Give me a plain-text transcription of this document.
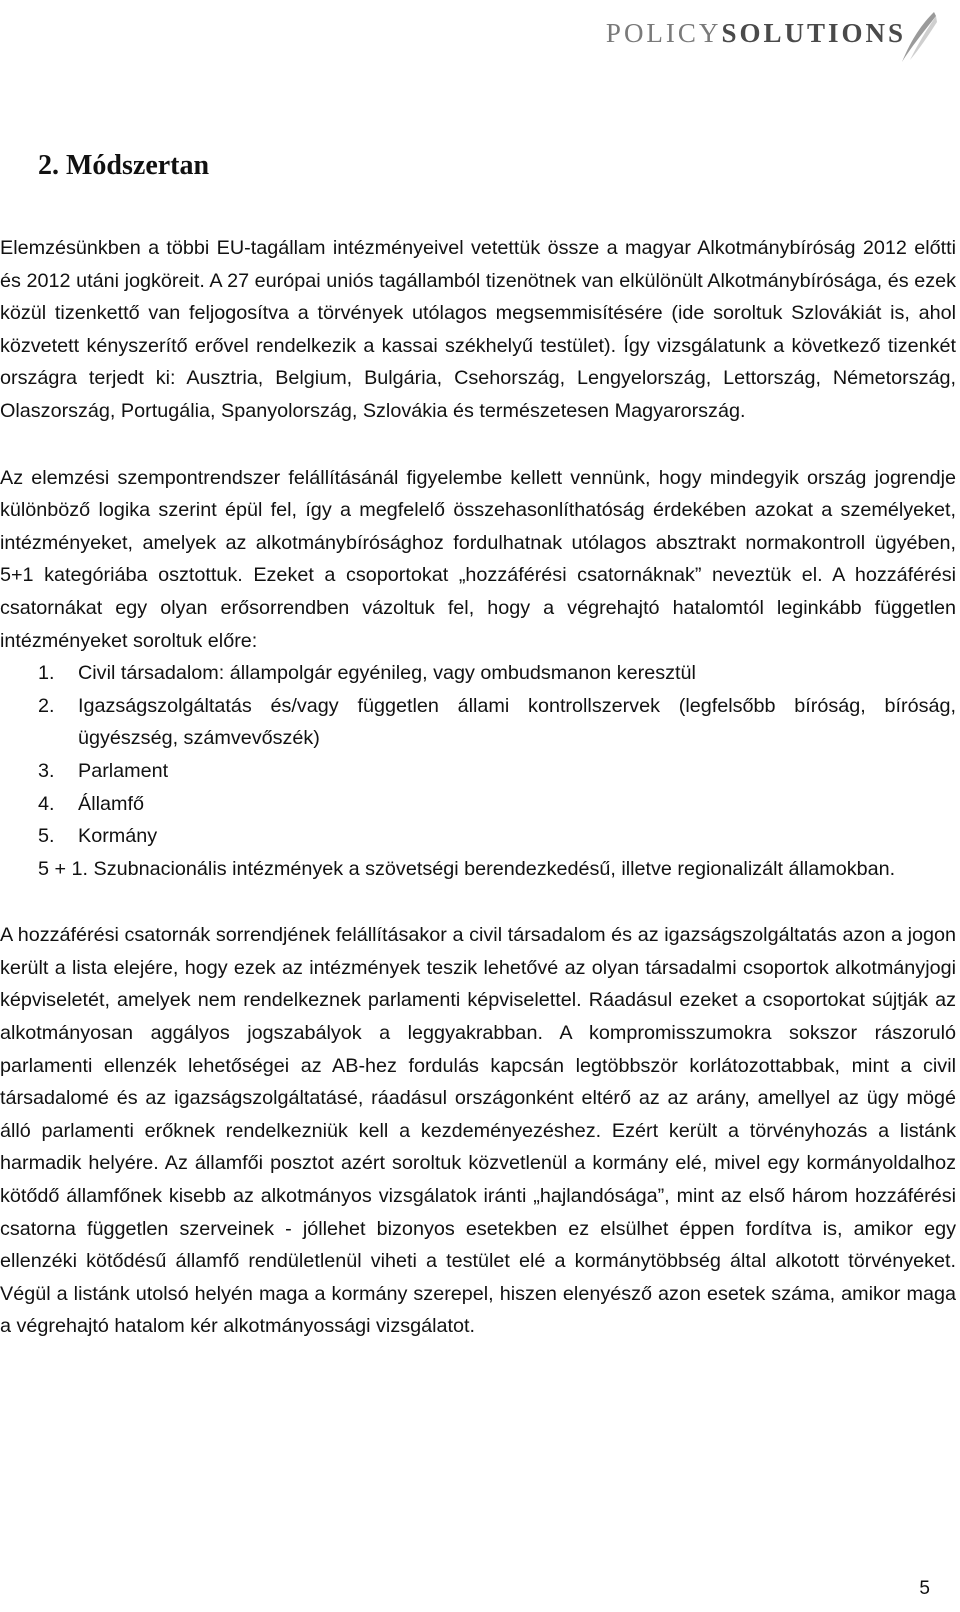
POLICYSOLUTIONS
2. Módszertan

Elemzésünkben a többi EU-tagállam intézményeivel vetettük össze a magyar Alkotmánybíróság 2012 előtti és 2012 utáni jogköreit. A 27 európai uniós tagállamból tizenötnek van elkülönült Alkotmánybírósága, és ezek közül tizenkettő van feljogosítva a törvények utólagos megsemmisítésére (ide soroltuk Szlovákiát is, ahol közvetett kényszerítő erővel rendelkezik a kassai székhelyű testület). Így vizsgálatunk a következő tizenkét országra terjedt ki: Ausztria, Belgium, Bulgária, Csehország, Lengyelország, Lettország, Németország, Olaszország, Portugália, Spanyolország, Szlovákia és természetesen Magyarország.

Az elemzési szempontrendszer felállításánál figyelembe kellett vennünk, hogy mindegyik ország jogrendje különböző logika szerint épül fel, így a megfelelő összehasonlíthatóság érdekében azokat a személyeket, intézményeket, amelyek az alkotmánybírósághoz fordulhatnak utólagos absztrakt normakontroll ügyében, 5+1 kategóriába osztottuk. Ezeket a csoportokat „hozzáférési csatornáknak” neveztük el. A hozzáférési csatornákat egy olyan erősorrendben vázoltuk fel, hogy a végrehajtó hatalomtól leginkább független intézményeket soroltuk előre:

1.	Civil társadalom: állampolgár egyénileg, vagy ombudsmanon keresztül
2.	Igazságszolgáltatás és/vagy független állami kontrollszervek (legfelsőbb bíróság, bíróság, ügyészség, számvevőszék)
3.	Parlament
4.	Államfő
5.	Kormány
5 + 1. Szubnacionális intézmények a szövetségi berendezkedésű, illetve regionalizált államokban.

A hozzáférési csatornák sorrendjének felállításakor a civil társadalom és az igazságszolgáltatás azon a jogon került a lista elejére, hogy ezek az intézmények teszik lehetővé az olyan társadalmi csoportok alkotmányjogi képviseletét, amelyek nem rendelkeznek parlamenti képviselettel. Ráadásul ezeket a csoportokat sújtják az alkotmányosan aggályos jogszabályok a leggyakrabban. A kompromisszumokra sokszor rászoruló parlamenti ellenzék lehetőségei az AB-hez fordulás kapcsán legtöbbször korlátozottabbak, mint a civil társadalomé és az igazságszolgáltatásé, ráadásul országonként eltérő az az arány, amellyel az ügy mögé álló parlamenti erőknek rendelkezniük kell a kezdeményezéshez. Ezért került a törvényhozás a listánk harmadik helyére. Az államfői posztot azért soroltuk közvetlenül a kormány elé, mivel egy kormányoldalhoz kötődő államfőnek kisebb az alkotmányos vizsgálatok iránti „hajlandósága”, mint az első három hozzáférési csatorna független szerveinek - jóllehet bizonyos esetekben ez elsülhet éppen fordítva is, amikor egy ellenzéki kötődésű államfő rendületlenül viheti a testület elé a kormánytöbbség által alkotott törvényeket. Végül a listánk utolsó helyén maga a kormány szerepel, hiszen elenyésző azon esetek száma, amikor maga a végrehajtó hatalom kér alkotmányossági vizsgálatot.

5
